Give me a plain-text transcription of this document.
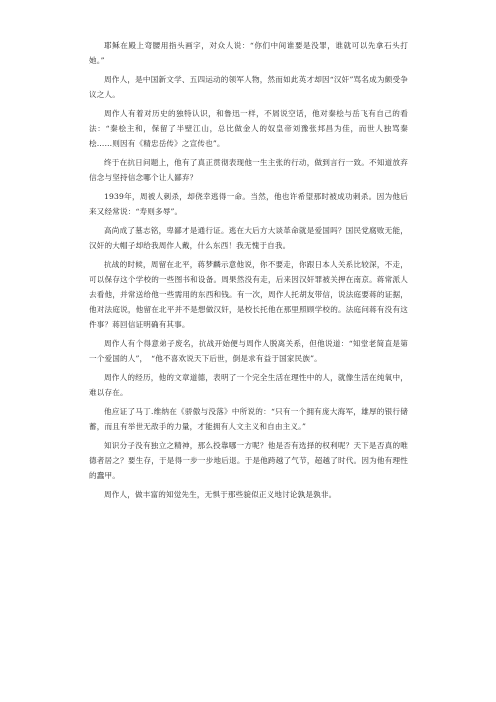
耶稣在殿上弯腰用指头画字，对众人说：“你们中间谁要是没罪，谁就可以先拿石头打她。”

周作人，是中国新文学、五四运动的领军人物，然而如此英才却因“汉奸”骂名成为颇受争议之人。

周作人有着对历史的独特认识，和鲁迅一样，不屑说空话，他对秦桧与岳飞有自己的看法：“秦桧主和，保留了半壁江山，总比做金人的奴皇帝刘豫张邦昌为佳，而世人独骂秦桧……则因有《精忠岳传》之宣传也”。

终于在抗日问题上，他有了真正贯彻表现他一生主张的行动，做到言行一致。不知道放弃信念与坚持信念哪个让人鄙弃？

1939年，周被人刺杀，却侥幸逃得一命。当然，他也许希望那时被成功刺杀。因为他后来又经常说：“寿则多辱”。

高尚成了墓志铭，卑鄙才是通行证。逃在大后方大谈革命就是爱国吗？国民党腐败无能，汉奸的大帽子却给我周作人戴，什么东西！我无愧于自我。

抗战的时候，周留在北平，蒋梦麟示意他说，你不要走，你跟日本人关系比较深，不走，可以保存这个学校的一些图书和设备。周果然没有走，后来因汉奸罪被关押在南京。蒋常派人去看他，并常送给他一些需用的东西和钱。有一次，周作人托胡友带信，说法庭要蒋的证据，他对法庭说，他留在北平并不是想做汉奸，是校长托他在那里照顾学校的。法庭问蒋有没有这件事？蒋回信证明确有其事。

周作人有个得意弟子废名，抗战开始便与周作人脱离关系，但他说道：“知堂老简直是第一个爱国的人”，　“他不喜欢说天下后世，倒是求有益于国家民族”。

周作人的经历，他的文章道德，表明了一个完全生活在理性中的人，就像生活在纯氧中，难以存在。

他应证了马丁.维纳在《骄傲与没落》中所说的：“只有一个拥有庞大海军，雄厚的银行储蓄，而且有举世无敌手的力量，才能拥有人文主义和自由主义。”

知识分子没有独立之精神，那么投靠哪一方呢？他是否有选择的权利呢？天下是否真的唯德者居之？要生存，于是得一步一步地后退。于是他跨越了气节，超越了时代。因为他有理性的蠢甲。

周作人，做丰富的知觉先生，无惧于那些貌似正义地讨论孰是孰非。
